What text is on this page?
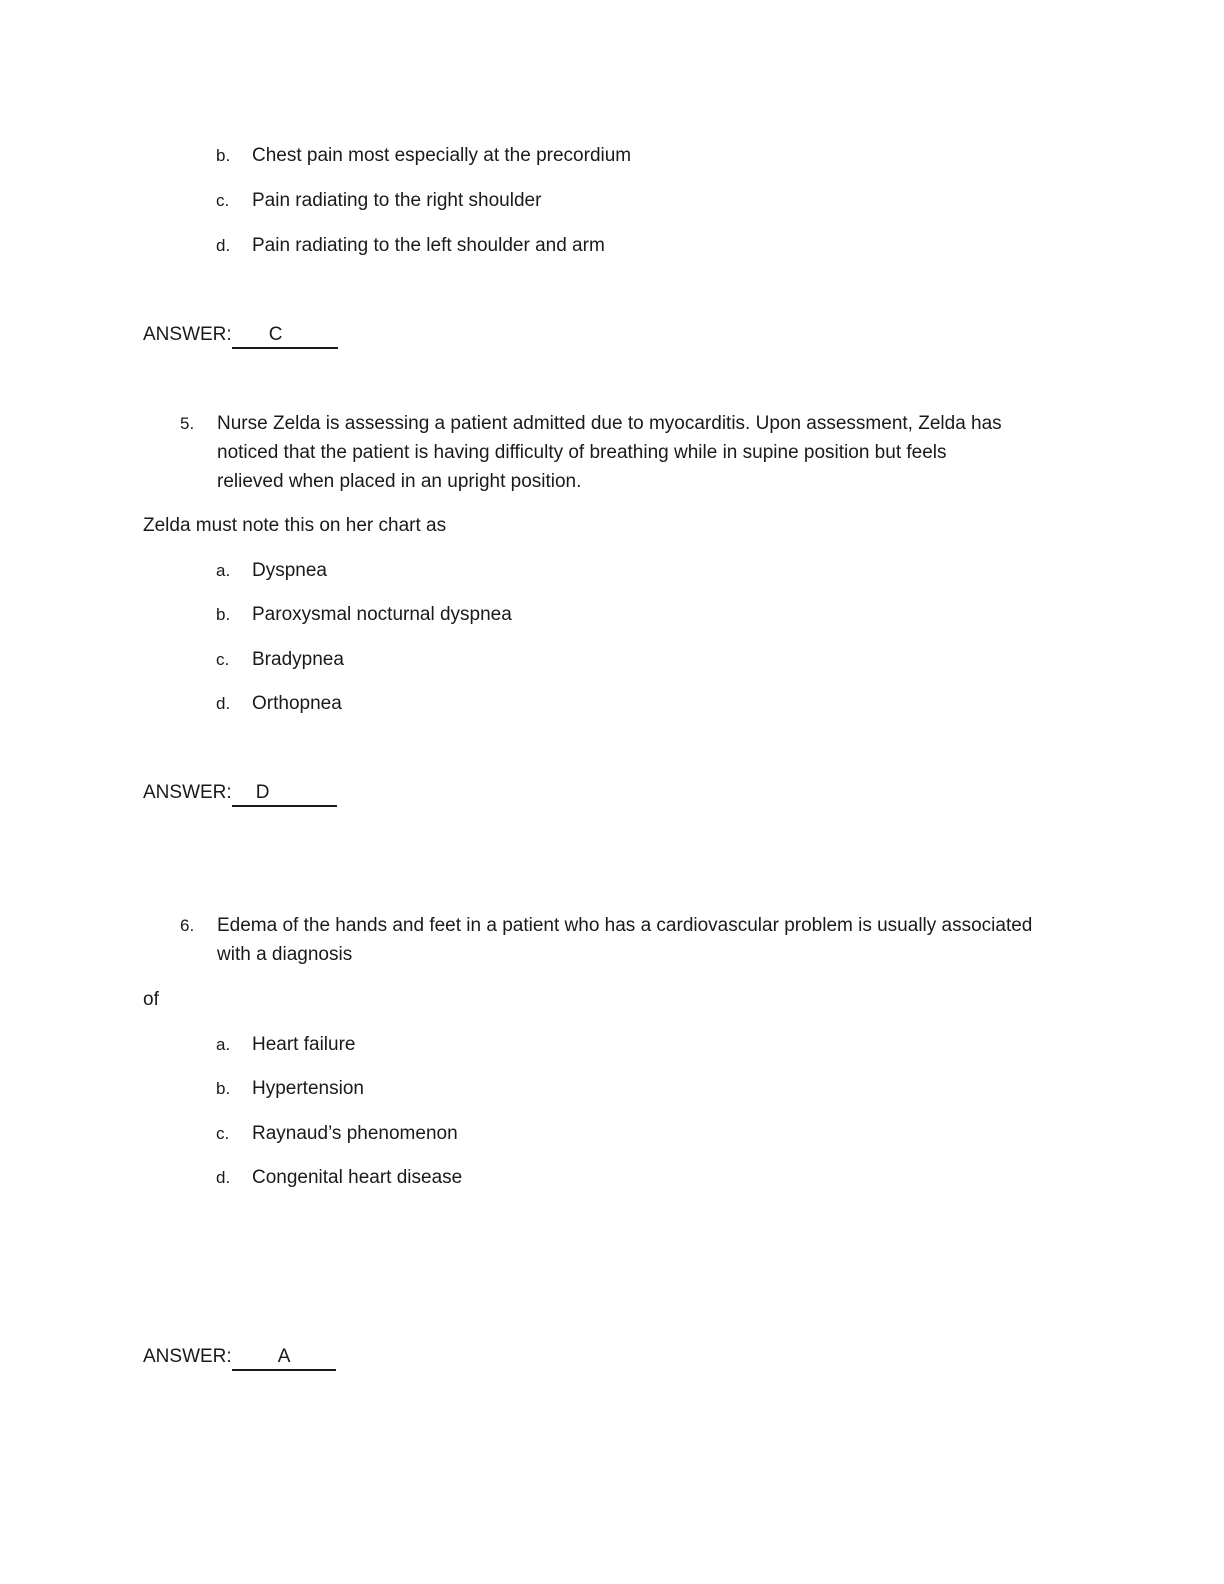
b. Chest pain most especially at the precordium
c. Pain radiating to the right shoulder
d. Pain radiating to the left shoulder and arm
ANSWER: C
5. Nurse Zelda is assessing a patient admitted due to myocarditis. Upon assessment, Zelda has
noticed that the patient is having difficulty of breathing while in supine position but feels
relieved when placed in an upright position.
Zelda must note this on her chart as
a. Dyspnea
b. Paroxysmal nocturnal dyspnea
c. Bradypnea
d. Orthopnea
ANSWER: D
6. Edema of the hands and feet in a patient who has a cardiovascular problem is usually associated
with a diagnosis
of
a. Heart failure
b. Hypertension
c. Raynaud’s phenomenon
d. Congenital heart disease
ANSWER: A
